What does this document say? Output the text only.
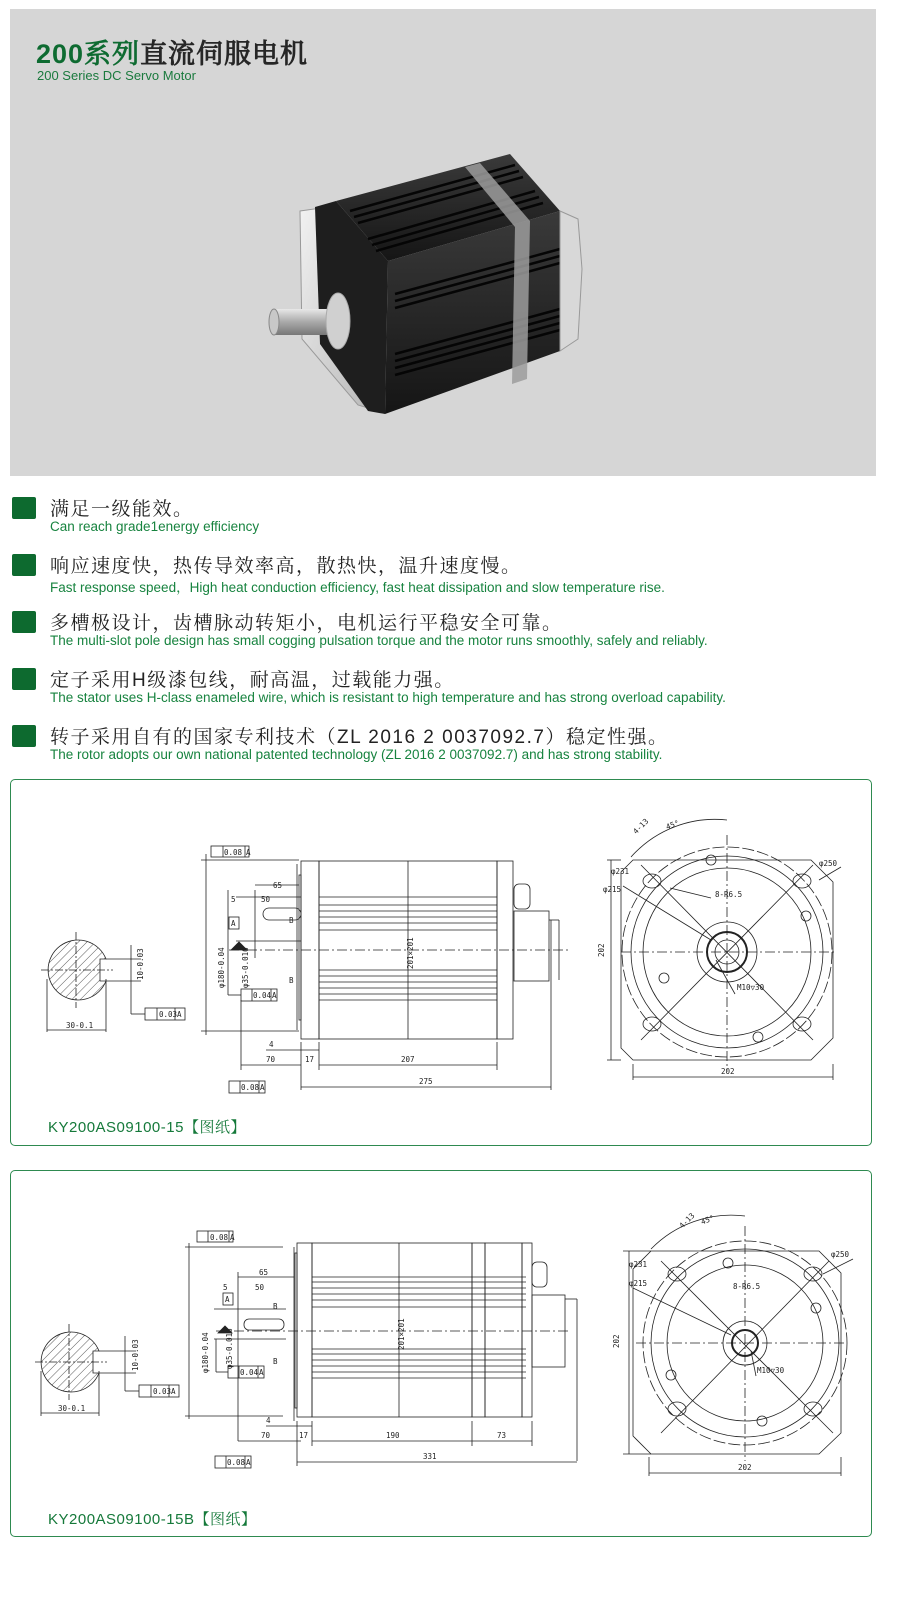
200系列直流伺服电机
200 Series DC Servo Motor
满足一级能效。
Can reach grade1energy efficiency
响应速度快，热传导效率高，散热快，温升速度慢。
Fast response speed，High heat conduction efficiency, fast heat dissipation and slow temperature rise.
多槽极设计，齿槽脉动转矩小，电机运行平稳安全可靠。
The multi-slot pole design has small cogging pulsation torque and the motor runs smoothly, safely and reliably.
定子采用H级漆包线，耐高温，过载能力强。
The stator uses H-class enameled wire, which is resistant to high temperature and has strong overload capability.
转子采用自有的国家专利技术（ZL 2016 2 0037092.7）稳定性强。
The rotor adopts our own national patented technology (ZL 2016 2 0037092.7) and has strong stability.
10-0.03
30-0.1
0.03 A
0.08 A
65
50
5
A	B
B
φ180-0.04 φ35-0.016
0.04 A
201×201
4
70	17	207
275
0.08 A
4-13 45°
φ231
φ215
φ250
8-R6.5
M10▽30
202
202
KY200AS09100-15【图纸】
10-0.03
30-0.1
0.03 A
0.08 A
65
50
5
A
B
B
φ180-0.04 φ35-0.016
0.04 A
201×201
4
70	17	190	73
331
0.08 A
4-13 45°
φ231
φ215
φ250
8-R6.5
M10▽30
202
202
KY200AS09100-15B【图纸】
